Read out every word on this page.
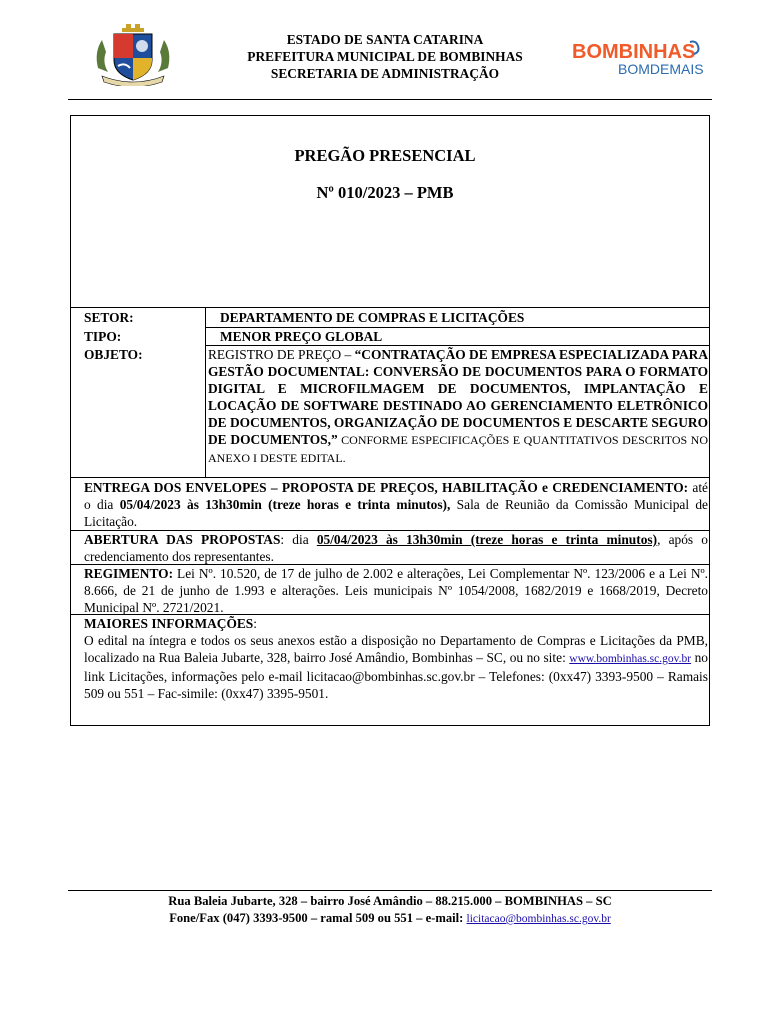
ESTADO DE SANTA CATARINA
PREFEITURA MUNICIPAL DE BOMBINHAS
SECRETARIA DE ADMINISTRAÇÃO
BOMBINHAS
BOMDEMAIS
PREGÃO PRESENCIAL
Nº 010/2023 – PMB
SETOR:	DEPARTAMENTO DE COMPRAS E LICITAÇÕES
TIPO:	MENOR PREÇO GLOBAL
OBJETO:	REGISTRO DE PREÇO – “CONTRATAÇÃO DE EMPRESA ESPECIALIZADA PARA GESTÃO DOCUMENTAL: CONVERSÃO DE DOCUMENTOS PARA O FORMATO DIGITAL E MICROFILMAGEM DE DOCUMENTOS, IMPLANTAÇÃO E LOCAÇÃO DE SOFTWARE DESTINADO AO GERENCIAMENTO ELETRÔNICO DE DOCUMENTOS, ORGANIZAÇÃO DE DOCUMENTOS E DESCARTE SEGURO DE DOCUMENTOS,” CONFORME ESPECIFICAÇÕES E QUANTITATIVOS DESCRITOS NO ANEXO I DESTE EDITAL.
ENTREGA DOS ENVELOPES – PROPOSTA DE PREÇOS, HABILITAÇÃO e CREDENCIAMENTO: até o dia 05/04/2023 às 13h30min (treze horas e trinta minutos), Sala de Reunião da Comissão Municipal de Licitação.
ABERTURA DAS PROPOSTAS: dia 05/04/2023 às 13h30min (treze horas e trinta minutos), após o credenciamento dos representantes.
REGIMENTO: Lei Nº. 10.520, de 17 de julho de 2.002 e alterações, Lei Complementar Nº. 123/2006 e a Lei Nº. 8.666, de 21 de junho de 1.993 e alterações. Leis municipais Nº 1054/2008, 1682/2019 e 1668/2019, Decreto Municipal Nº. 2721/2021.
MAIORES INFORMAÇÕES:
O edital na íntegra e todos os seus anexos estão a disposição no Departamento de Compras e Licitações da PMB, localizado na Rua Baleia Jubarte, 328, bairro José Amândio, Bombinhas – SC, ou no site: www.bombinhas.sc.gov.br no link Licitações, informações pelo e-mail licitacao@bombinhas.sc.gov.br – Telefones: (0xx47) 3393-9500 – Ramais 509 ou 551 – Fac-simile: (0xx47) 3395-9501.
Rua Baleia Jubarte, 328 – bairro José Amândio – 88.215.000 – BOMBINHAS – SC
Fone/Fax (047) 3393-9500 – ramal 509 ou 551 – e-mail: licitacao@bombinhas.sc.gov.br
